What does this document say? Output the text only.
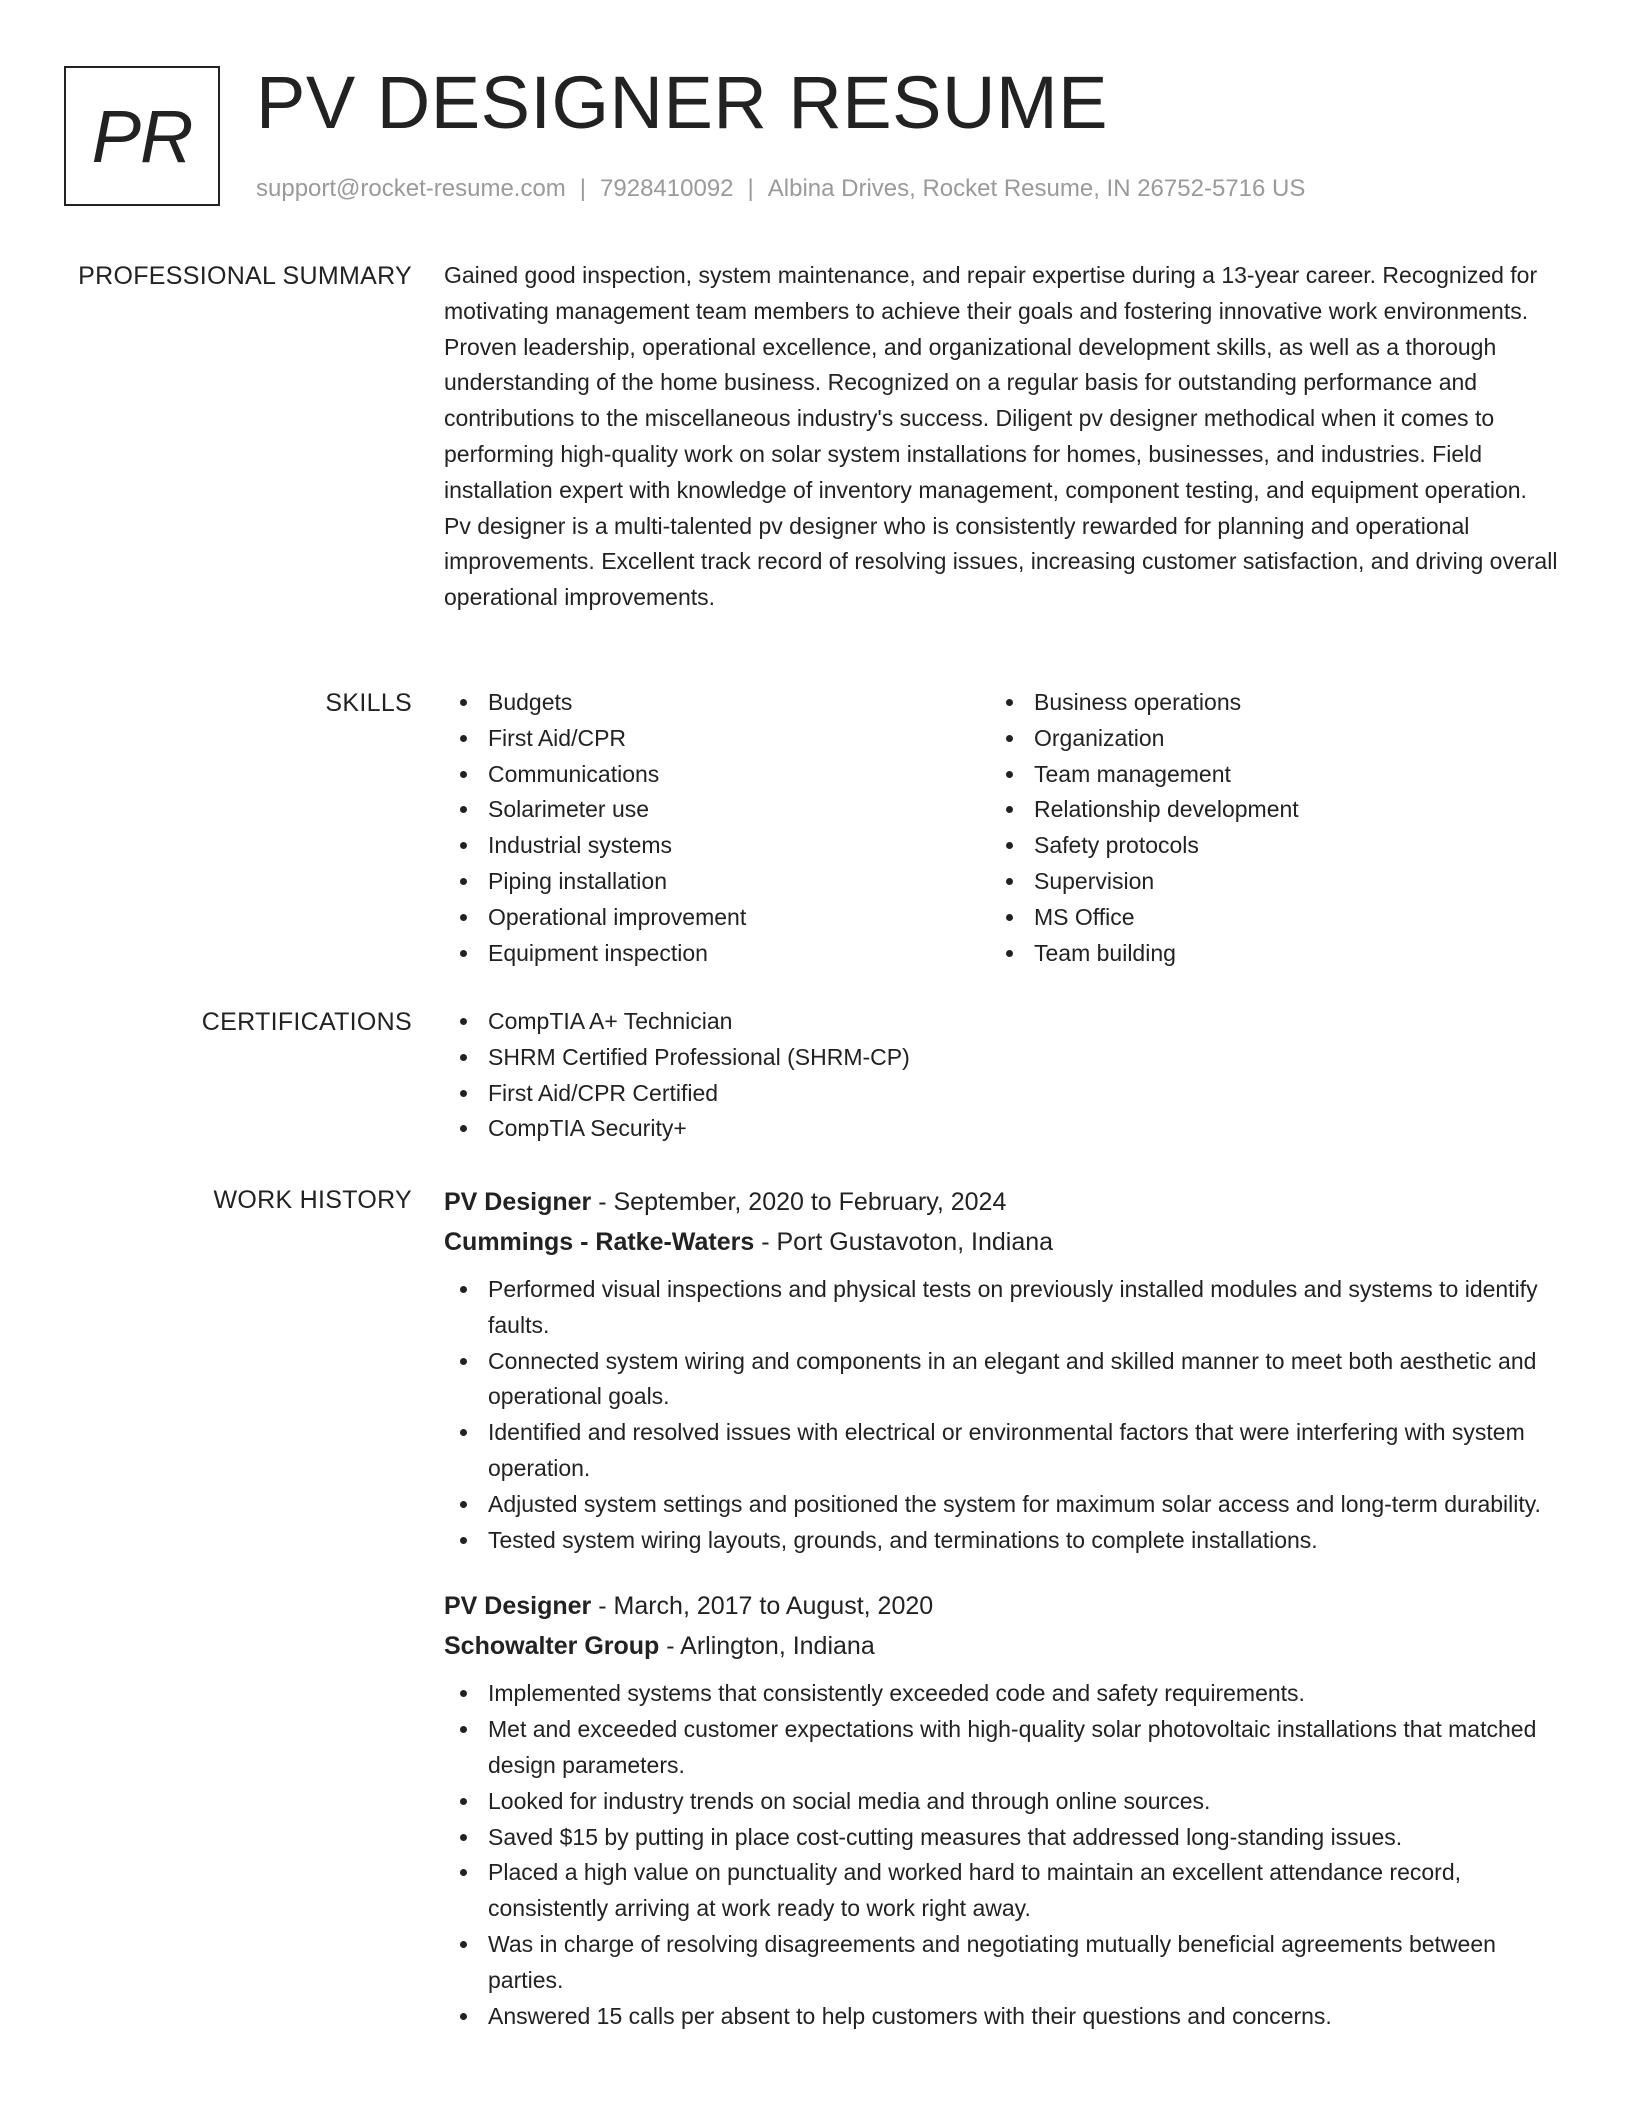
PR PV DESIGNER RESUME
support@rocket-resume.com | 7928410092 | Albina Drives, Rocket Resume, IN 26752-5716 US
PROFESSIONAL SUMMARY Gained good inspection, system maintenance, and repair expertise during a 13-year career. Recognized for motivating management team members to achieve their goals and fostering innovative work environments. Proven leadership, operational excellence, and organizational development skills, as well as a thorough understanding of the home business. Recognized on a regular basis for outstanding performance and contributions to the miscellaneous industry's success. Diligent pv designer methodical when it comes to performing high-quality work on solar system installations for homes, businesses, and industries. Field installation expert with knowledge of inventory management, component testing, and equipment operation. Pv designer is a multi-talented pv designer who is consistently rewarded for planning and operational improvements. Excellent track record of resolving issues, increasing customer satisfaction, and driving overall operational improvements.

SKILLS	Budgets
First Aid/CPR
Communications
Solarimeter use
Industrial systems
Piping installation
Operational improvement
Equipment inspection
Business operations
Organization
Team management
Relationship development
Safety protocols
Supervision
MS Office
Team building
CERTIFICATIONS	CompTIA A+ Technician
SHRM Certified Professional (SHRM-CP)
First Aid/CPR Certified
CompTIA Security+
WORK HISTORY PV Designer - September, 2020 to February, 2024
Cummings - Ratke-Waters - Port Gustavoton, Indiana
Performed visual inspections and physical tests on previously installed modules and systems to identify faults.
Connected system wiring and components in an elegant and skilled manner to meet both aesthetic and operational goals.
Identified and resolved issues with electrical or environmental factors that were interfering with system operation.
Adjusted system settings and positioned the system for maximum solar access and long-term durability.
Tested system wiring layouts, grounds, and terminations to complete installations.
PV Designer - March, 2017 to August, 2020
Schowalter Group - Arlington, Indiana
Implemented systems that consistently exceeded code and safety requirements.
Met and exceeded customer expectations with high-quality solar photovoltaic installations that matched design parameters.
Looked for industry trends on social media and through online sources.
Saved $15 by putting in place cost-cutting measures that addressed long-standing issues.
Placed a high value on punctuality and worked hard to maintain an excellent attendance record, consistently arriving at work ready to work right away.
Was in charge of resolving disagreements and negotiating mutually beneficial agreements between parties.
Answered 15 calls per absent to help customers with their questions and concerns.
